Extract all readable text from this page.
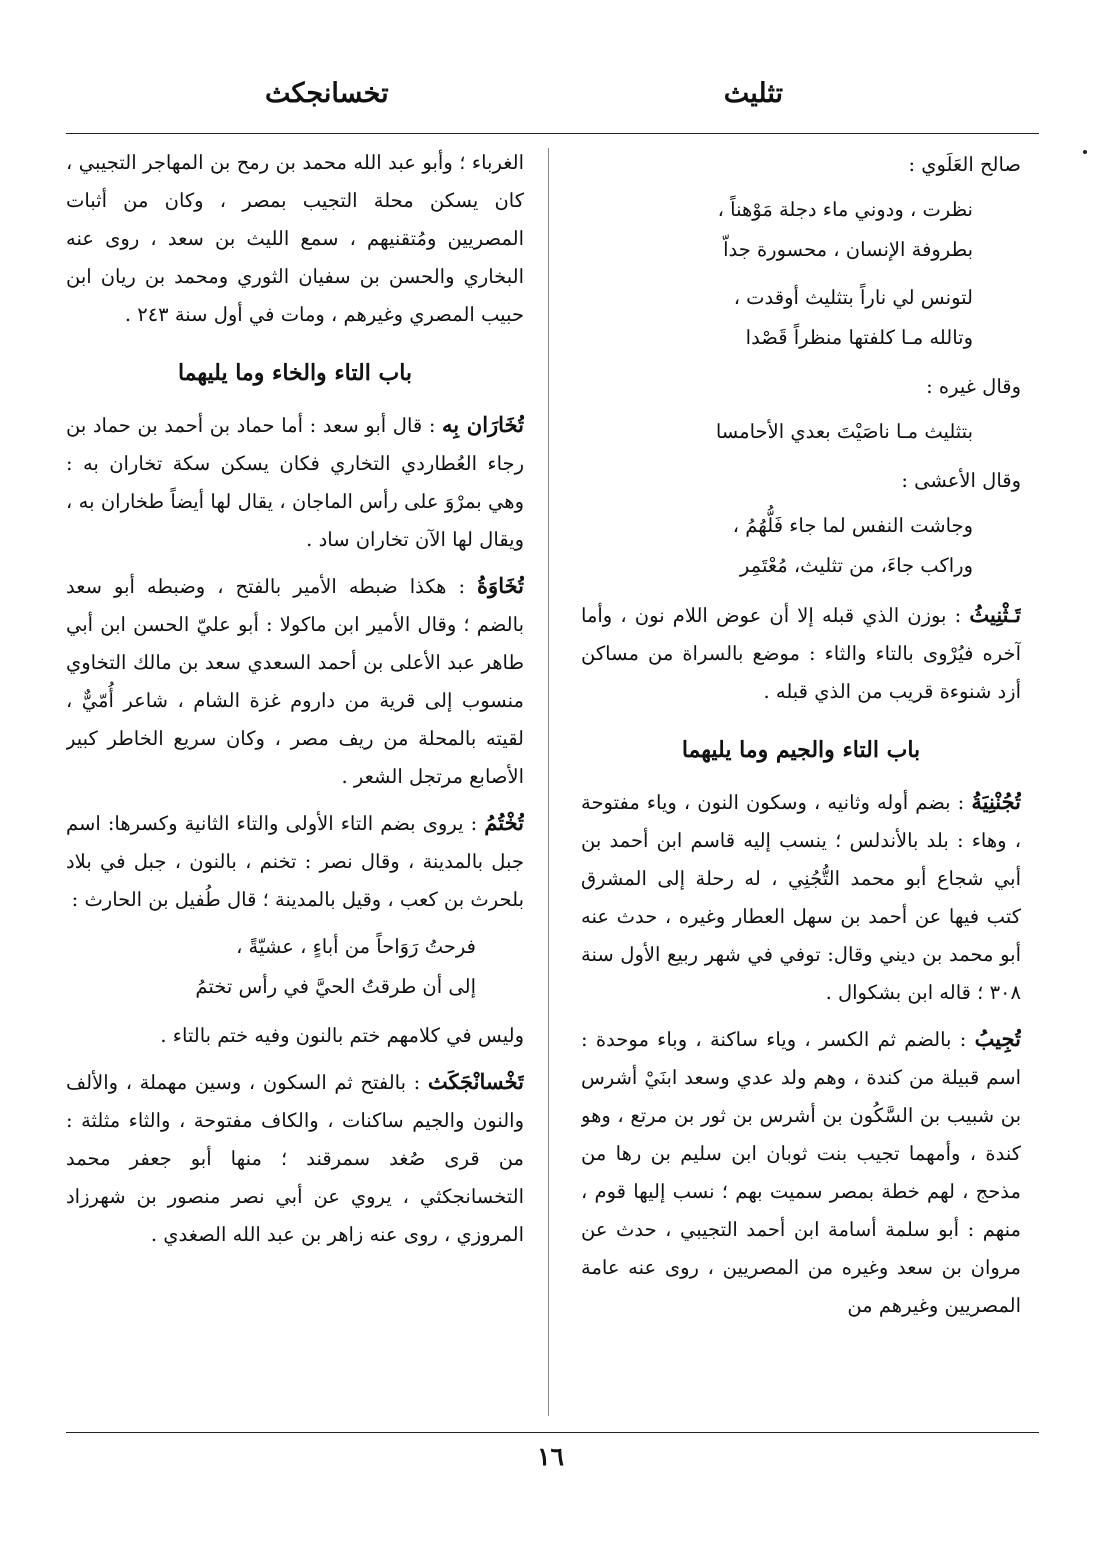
تثليث
تخسانجكث

صالح العَلَوي :

نظرت ، ودوني ماء دجلة مَوْهناً ،
بطروفة الإنسان ، محسورة جداّ
لتونس لي ناراً بتثليث أوقدت ،
وتالله مـا كلفتها منظراً قَصْدا

وقال غيره :

بتثليث مـا ناصَيْتَ بعدي الأحامسا

وقال الأعشى :

وجاشت النفس لما جاء فَلُّهُمُ ،
وراكب جاءَ، من تثليث، مُعْتَمِر

تَـثْنِيثُ : بوزن الذي قبله إلا أن عوض اللام نون ، وأما آخره فيُرْوى بالتاء والثاء : موضع بالسراة من مساكن أزد شنوءة قريب من الذي قبله .

باب التاء والجيم وما يليهما

تُجُنْنِيَةُ : بضم أوله وثانيه ، وسكون النون ، وياء مفتوحة ، وهاء : بلد بالأندلس ؛ ينسب إليه قاسم ابن أحمد بن أبي شجاع أبو محمد التُّجُنِي ، له رحلة إلى المشرق كتب فيها عن أحمد بن سهل العطار وغيره ، حدث عنه أبو محمد بن ديني وقال: توفي في شهر ربيع الأول سنة ٣٠٨ ؛ قاله ابن بشكوال .

تُجِيبُ : بالضم ثم الكسر ، وياء ساكنة ، وباء موحدة : اسم قبيلة من كندة ، وهم ولد عدي وسعد ابنَيْ أشرس بن شبيب بن السَّكُون بن أشرس بن ثور بن مرتع ، وهو كندة ، وأمهما تجيب بنت ثوبان ابن سليم بن رها من مذحج ، لهم خطة بمصر سميت بهم ؛ نسب إليها قوم ، منهم : أبو سلمة أسامة ابن أحمد التجيبي ، حدث عن مروان بن سعد وغيره من المصريين ، روى عنه عامة المصريين وغيرهم من

الغرباء ؛ وأبو عبد الله محمد بن رمح بن المهاجر التجيبي ، كان يسكن محلة التجيب بمصر ، وكان من أثبات المصريين ومُتقنيهم ، سمع الليث بن سعد ، روى عنه البخاري والحسن بن سفيان الثوري ومحمد بن ريان ابن حبيب المصري وغيرهم ، ومات في أول سنة ٢٤٣ .

باب التاء والخاء وما يليهما

تُخَارَان بِه : قال أبو سعد : أما حماد بن أحمد بن حماد بن رجاء العُطاردي التخاري فكان يسكن سكة تخاران به : وهي بمرْوَ على رأس الماجان ، يقال لها أيضاً طخاران به ، ويقال لها الآن تخاران ساد .

تُخَاوَةُ : هكذا ضبطه الأمير بالفتح ، وضبطه أبو سعد بالضم ؛ وقال الأمير ابن ماكولا : أبو عليّ الحسن ابن أبي طاهر عبد الأعلى بن أحمد السعدي سعد بن مالك التخاوي منسوب إلى قرية من داروم غزة الشام ، شاعر أُمّيٌّ ، لقيته بالمحلة من ريف مصر ، وكان سريع الخاطر كبير الأصابع مرتجل الشعر .

تُخْتُمُ : يروى بضم التاء الأولى والتاء الثانية وكسرها: اسم جبل بالمدينة ، وقال نصر : تخنم ، بالنون ، جبل في بلاد بلحرث بن كعب ، وقيل بالمدينة ؛ قال طُفيل بن الحارث :

فرحتُ رَوَاحاً من أباءٍ ، عشيّةً ،
إلى أن طرقتُ الحيَّ في رأس تختمُ

وليس في كلامهم ختم بالنون وفيه ختم بالتاء .

تَخْسانْجَكَث : بالفتح ثم السكون ، وسين مهملة ، والألف والنون والجيم ساكنات ، والكاف مفتوحة ، والثاء مثلثة : من قرى صُغد سمرقند ؛ منها أبو جعفر محمد التخسانجكثي ، يروي عن أبي نصر منصور بن شهرزاد المروزي ، روى عنه زاهر بن عبد الله الصغدي .

١٦
